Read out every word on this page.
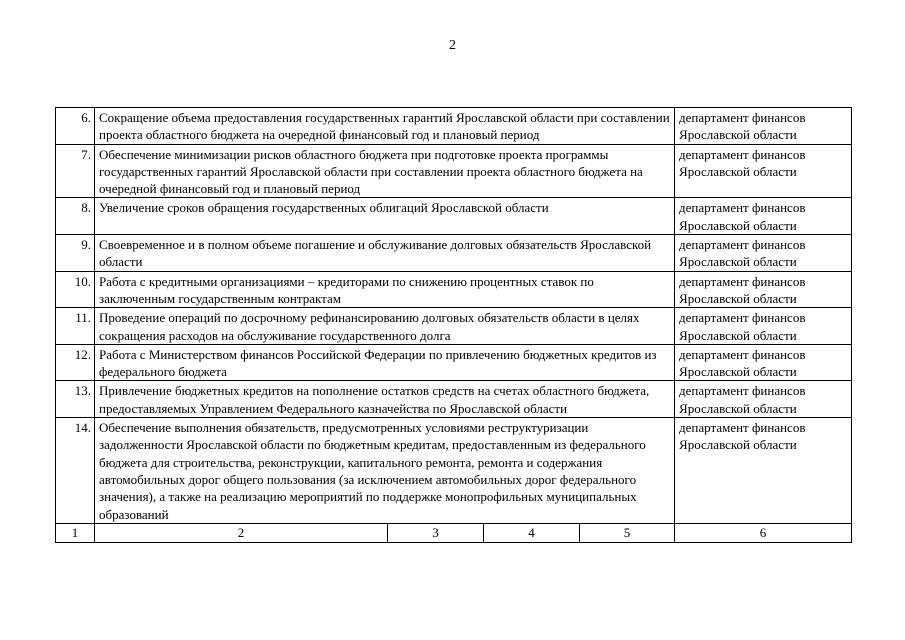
2
6.	Сокращение объема предоставления государственных гарантий Ярославской области при составлении проекта областного бюджета на очередной финансовый год и плановый период				департамент финансов Ярославской области
7.	Обеспечение минимизации рисков областного бюджета при подготовке проекта программы государственных гарантий Ярославской области при составлении проекта областного бюджета на очередной финансовый год и плановый период				департамент финансов Ярославской области
8.	Увеличение сроков обращения государственных облигаций Ярославской области				департамент финансов Ярославской области
9.	Своевременное и в полном объеме погашение и обслуживание долговых обязательств Ярославской области				департамент финансов Ярославской области
10.	Работа с кредитными организациями – кредиторами по снижению процентных ставок по заключенным государственным контрактам				департамент финансов Ярославской области
11.	Проведение операций по досрочному рефинансированию долговых обязательств области в целях сокращения расходов на обслуживание государственного долга				департамент финансов Ярославской области
12.	Работа с Министерством финансов Российской Федерации по привлечению бюджетных кредитов из федерального бюджета				департамент финансов Ярославской области
13.	Привлечение бюджетных кредитов на пополнение остатков средств на счетах областного бюджета, предоставляемых Управлением Федерального казначейства по Ярославской области				департамент финансов Ярославской области
14.	Обеспечение выполнения обязательств, предусмотренных условиями реструктуризации задолженности Ярославской области по бюджетным кредитам, предоставленным из федерального бюджета для строительства, реконструкции, капитального ремонта, ремонта и содержания автомобильных дорог общего пользования (за исключением автомобильных дорог федерального значения), а также на реализацию мероприятий по поддержке монопрофильных муниципальных образований				департамент финансов Ярославской области
1	2	3	4	5	6
